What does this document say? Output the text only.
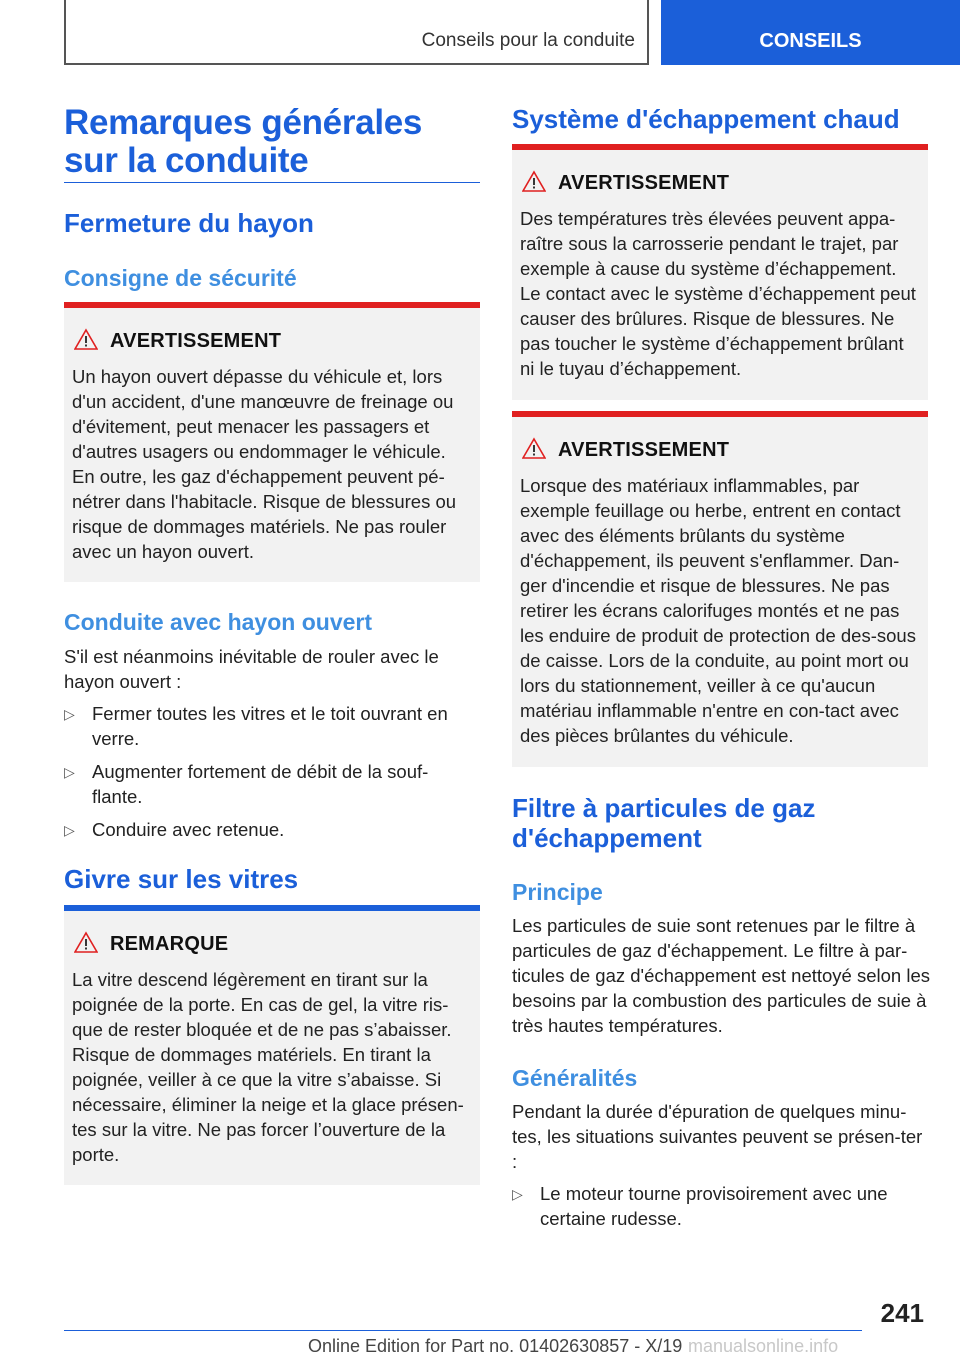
Conseils pour la conduite	CONSEILS
Remarques générales sur la conduite
Fermeture du hayon
Consigne de sécurité
AVERTISSEMENT
Un hayon ouvert dépasse du véhicule et, lors d'un accident, d'une manœuvre de freinage ou d'évitement, peut menacer les passagers et d'autres usagers ou endommager le véhicule. En outre, les gaz d'échappement peuvent pé‐nétrer dans l'habitacle. Risque de blessures ou risque de dommages matériels. Ne pas rouler avec un hayon ouvert.
Conduite avec hayon ouvert
S'il est néanmoins inévitable de rouler avec le hayon ouvert :
▷ Fermer toutes les vitres et le toit ouvrant en verre.
▷ Augmenter fortement de débit de la souf‐flante.
▷ Conduire avec retenue.
Givre sur les vitres
REMARQUE
La vitre descend légèrement en tirant sur la poignée de la porte. En cas de gel, la vitre ris‐que de rester bloquée et de ne pas s’abaisser. Risque de dommages matériels. En tirant la poignée, veiller à ce que la vitre s’abaisse. Si nécessaire, éliminer la neige et la glace présen‐tes sur la vitre. Ne pas forcer l’ouverture de la porte.
Système d'échappement chaud
AVERTISSEMENT
Des températures très élevées peuvent appa‐raître sous la carrosserie pendant le trajet, par exemple à cause du système d’échappement. Le contact avec le système d’échappement peut causer des brûlures. Risque de blessures. Ne pas toucher le système d’échappement brûlant ni le tuyau d’échappement.
AVERTISSEMENT
Lorsque des matériaux inflammables, par exemple feuillage ou herbe, entrent en contact avec des éléments brûlants du système d'échappement, ils peuvent s'enflammer. Dan‐ger d'incendie et risque de blessures. Ne pas retirer les écrans calorifuges montés et ne pas les enduire de produit de protection de des‐sous de caisse. Lors de la conduite, au point mort ou lors du stationnement, veiller à ce qu'aucun matériau inflammable n'entre en con‐tact avec des pièces brûlantes du véhicule.
Filtre à particules de gaz d'échappement
Principe
Les particules de suie sont retenues par le filtre à particules de gaz d'échappement. Le filtre à par‐ticules de gaz d'échappement est nettoyé selon les besoins par la combustion des particules de suie à très hautes températures.
Généralités
Pendant la durée d'épuration de quelques minu‐tes, les situations suivantes peuvent se présen‐ter :
▷ Le moteur tourne provisoirement avec une certaine rudesse.
241
Online Edition for Part no. 01402630857 - X/19 manualsonline.info
